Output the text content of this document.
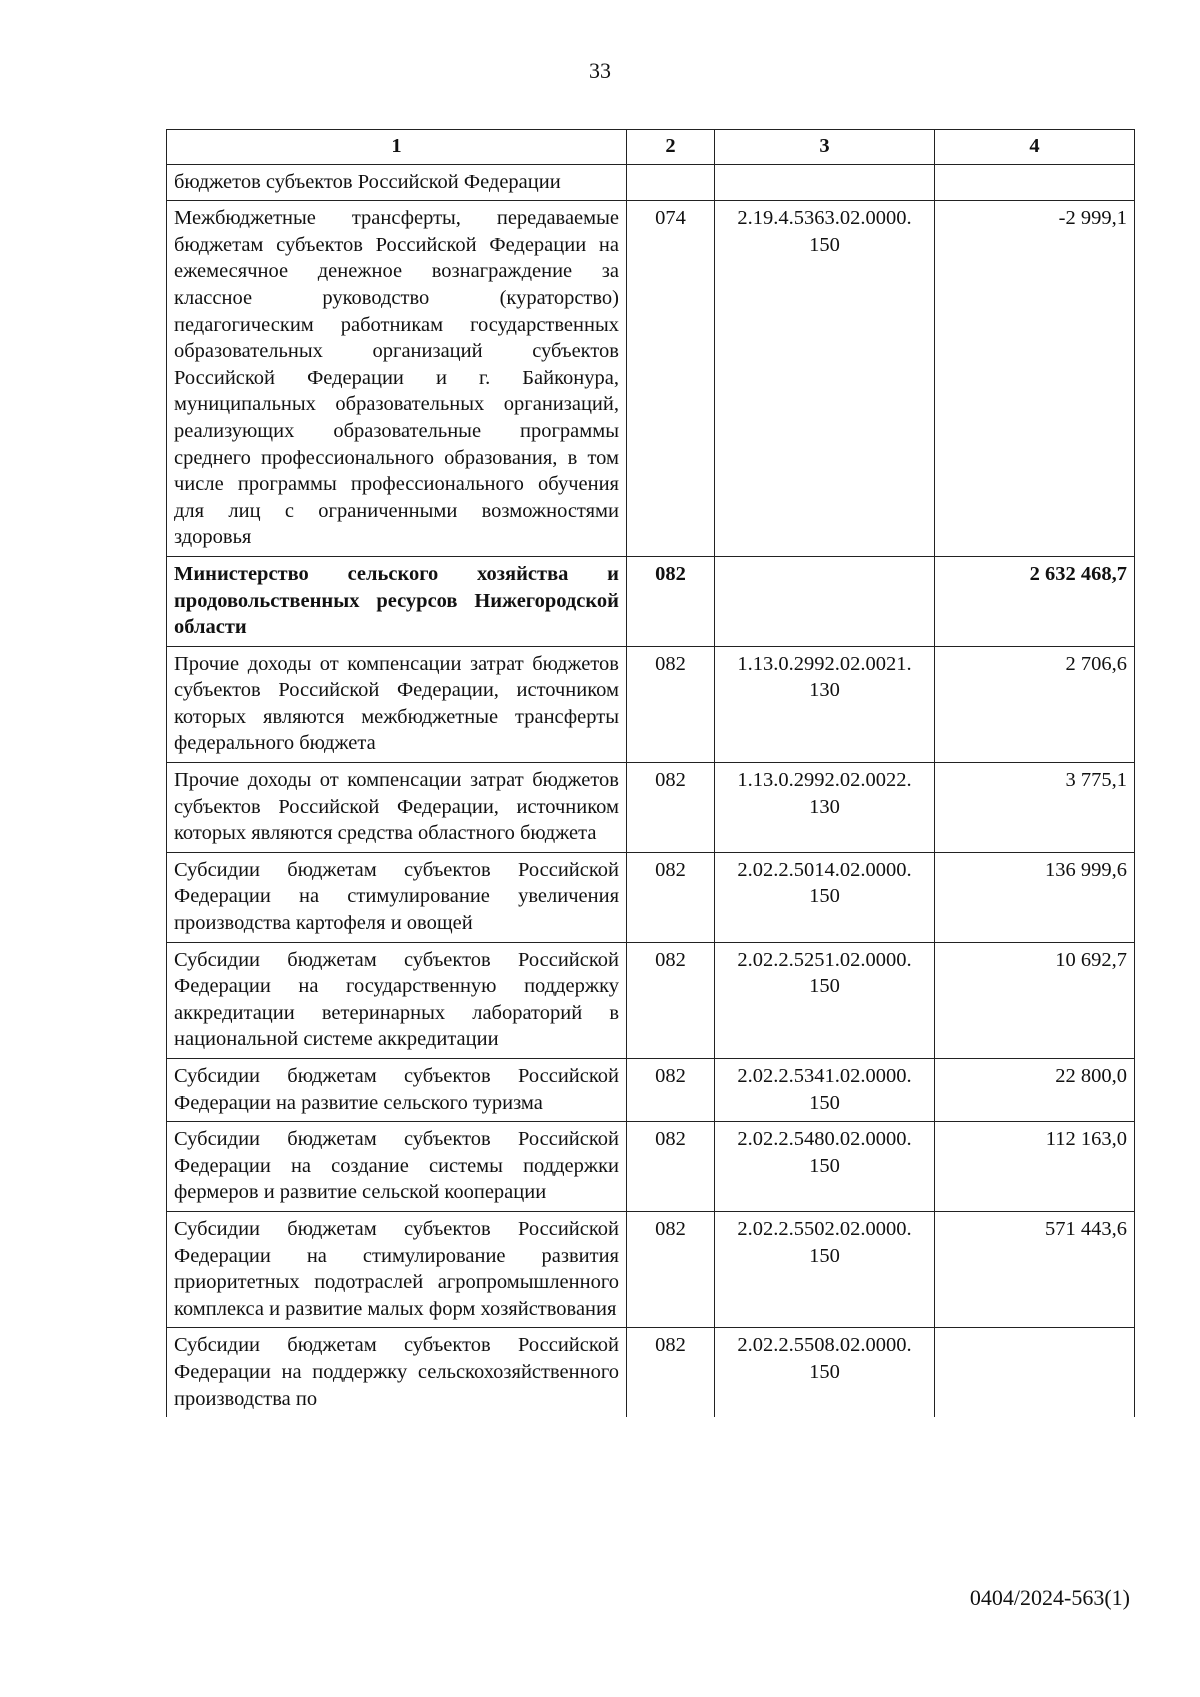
33
1	2	3	4
бюджетов субъектов Российской Федерации			
Межбюджетные трансферты, передаваемые бюджетам субъектов Российской Федерации на ежемесячное денежное вознаграждение за классное руководство (кураторство) педагогическим работникам государственных образовательных организаций субъектов Российской Федерации и г. Байконура, муниципальных образовательных организаций, реализующих образовательные программы среднего профессионального образования, в том числе программы профессионального обучения для лиц с ограниченными возможностями здоровья	074	2.19.4.5363.02.0000. 150	-2 999,1
Министерство сельского хозяйства и продовольственных ресурсов Нижегородской области	082		2 632 468,7
Прочие доходы от компенсации затрат бюджетов субъектов Российской Федерации, источником которых являются межбюджетные трансферты федерального бюджета	082	1.13.0.2992.02.0021. 130	2 706,6
Прочие доходы от компенсации затрат бюджетов субъектов Российской Федерации, источником которых являются средства областного бюджета	082	1.13.0.2992.02.0022. 130	3 775,1
Субсидии бюджетам субъектов Российской Федерации на стимулирование увеличения производства картофеля и овощей	082	2.02.2.5014.02.0000. 150	136 999,6
Субсидии бюджетам субъектов Российской Федерации на государственную поддержку аккредитации ветеринарных лабораторий в национальной системе аккредитации	082	2.02.2.5251.02.0000. 150	10 692,7
Субсидии бюджетам субъектов Российской Федерации на развитие сельского туризма	082	2.02.2.5341.02.0000. 150	22 800,0
Субсидии бюджетам субъектов Российской Федерации на создание системы поддержки фермеров и развитие сельской кооперации	082	2.02.2.5480.02.0000. 150	112 163,0
Субсидии бюджетам субъектов Российской Федерации на стимулирование развития приоритетных подотраслей агропромышленного комплекса и развитие малых форм хозяйствования	082	2.02.2.5502.02.0000. 150	571 443,6
Субсидии бюджетам субъектов Российской Федерации на поддержку сельскохозяйственного производства по	082	2.02.2.5508.02.0000. 150	
0404/2024-563(1)
